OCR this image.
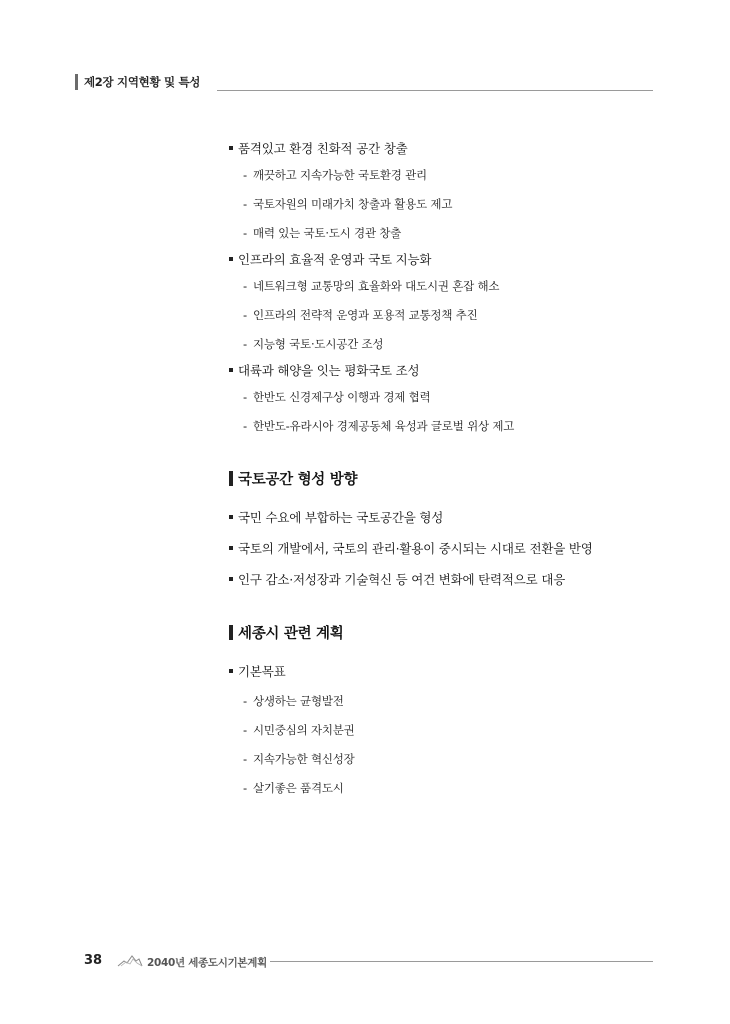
제2장 지역현황 및 특성
품격있고 환경 친화적 공간 창출
- 깨끗하고 지속가능한 국토환경 관리
- 국토자원의 미래가치 창출과 활용도 제고
- 매력 있는 국토·도시 경관 창출
인프라의 효율적 운영과 국토 지능화
- 네트워크형 교통망의 효율화와 대도시권 혼잡 해소
- 인프라의 전략적 운영과 포용적 교통정책 추진
- 지능형 국토·도시공간 조성
대륙과 해양을 잇는 평화국토 조성
- 한반도 신경제구상 이행과 경제 협력
- 한반도-유라시아 경제공동체 육성과 글로벌 위상 제고
국토공간 형성 방향
국민 수요에 부합하는 국토공간을 형성
국토의 개발에서, 국토의 관리·활용이 중시되는 시대로 전환을 반영
인구 감소·저성장과 기술혁신 등 여건 변화에 탄력적으로 대응
세종시 관련 계획
기본목표
- 상생하는 균형발전
- 시민중심의 자치분권
- 지속가능한 혁신성장
- 살기좋은 품격도시
38	2040년 세종도시기본계획
